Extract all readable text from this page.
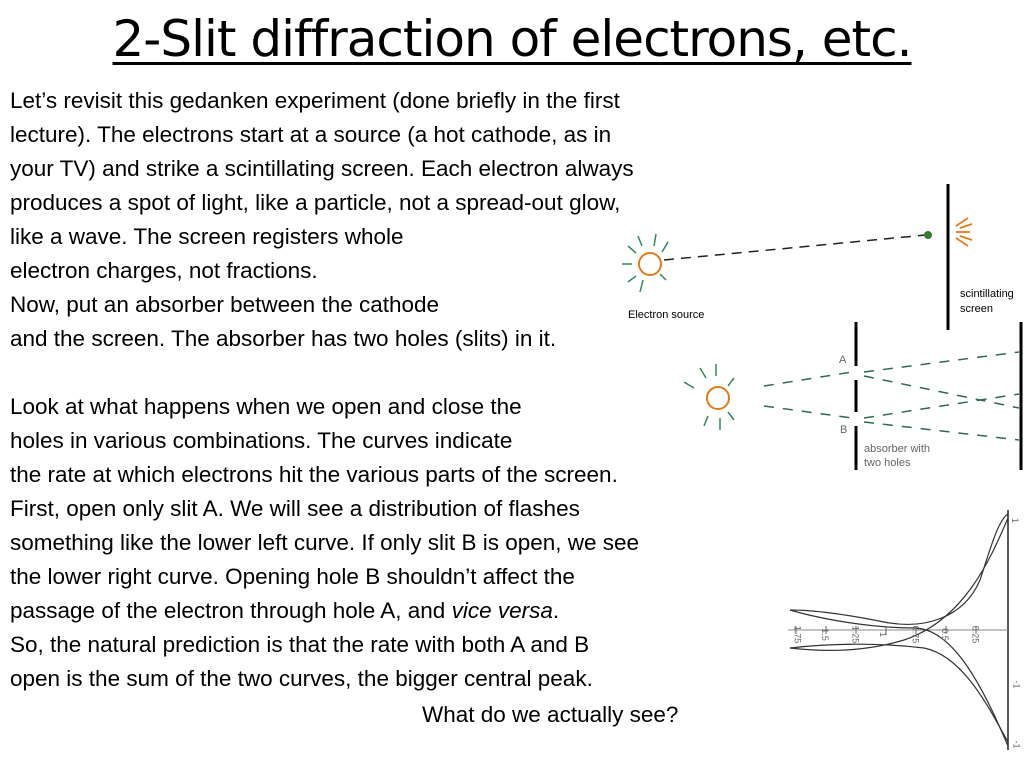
2-Slit diffraction of electrons, etc.
Let’s revisit this gedanken experiment (done briefly in the first
lecture). The electrons start at a source (a hot cathode, as in
your TV) and strike a scintillating screen. Each electron always
produces a spot of light, like a particle, not a spread-out glow,
like a wave. The screen registers whole
electron charges, not fractions.
Now, put an absorber between the cathode
and the screen. The absorber has two holes (slits) in it.
Look at what happens when we open and close the
holes in various combinations. The curves indicate
the rate at which electrons hit the various parts of the screen.
First, open only slit A. We will see a distribution of flashes
something like the lower left curve. If only slit B is open, we see
the lower right curve. Opening hole B shouldn’t affect the
passage of the electron through hole A, and vice versa.
So, the natural prediction is that the rate with both A and B
open is the sum of the two curves, the bigger central peak.
What do we actually see?
Electron source
scintillating
screen
A
B
absorber with
two holes
1.75 1.5 1.25 1 0.75 0.5 0.25
1
-1
-1
